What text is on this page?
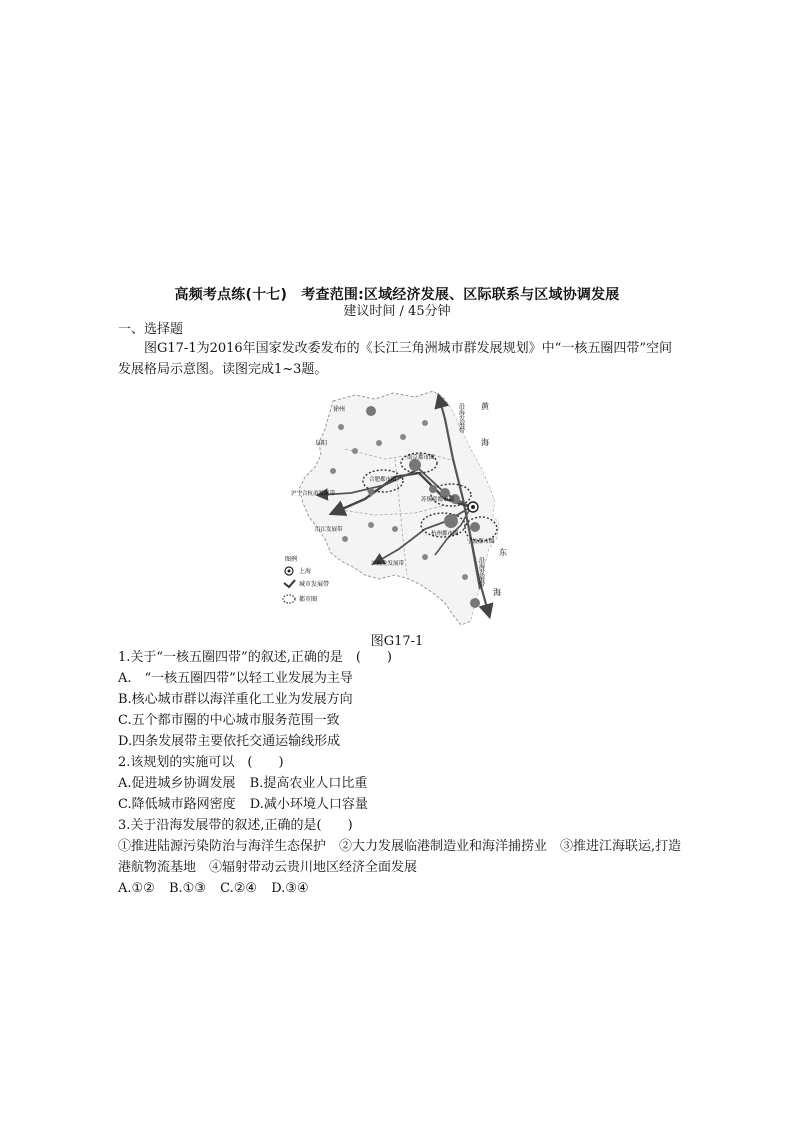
高频考点练(十七)　考查范围:区域经济发展、区际联系与区域协调发展
建议时间 / 45分钟
一、选择题
图G17-1为2016年国家发改委发布的《长江三角洲城市群发展规划》中“一核五圈四带”空间发展格局示意图。读图完成1~3题。
徐州
阜阳
南京都市圈
合肥都市圈
苏锡常都市圈
杭州都市圈
宁波都市圈
沪宁合杭甬发展带
沿江发展带
沪杭金发展带
黄
海
东
海
沿海发展带
沿海发展带
图例
上海
城市发展带
都市圈
图G17-1
1.关于“一核五圈四带”的叙述,正确的是　(　　)
A.　“一核五圈四带”以轻工业发展为主导
B.核心城市群以海洋重化工业为发展方向
C.五个都市圈的中心城市服务范围一致
D.四条发展带主要依托交通运输线形成
2.该规划的实施可以　(　　)
A.促进城乡协调发展 B.提高农业人口比重
C.降低城市路网密度 D.减小环境人口容量
3.关于沿海发展带的叙述,正确的是(　　)
①推进陆源污染防治与海洋生态保护　②大力发展临港制造业和海洋捕捞业　③推进江海联运,打造港航物流基地　④辐射带动云贵川地区经济全面发展
A.①② B.①③ C.②④ D.③④
